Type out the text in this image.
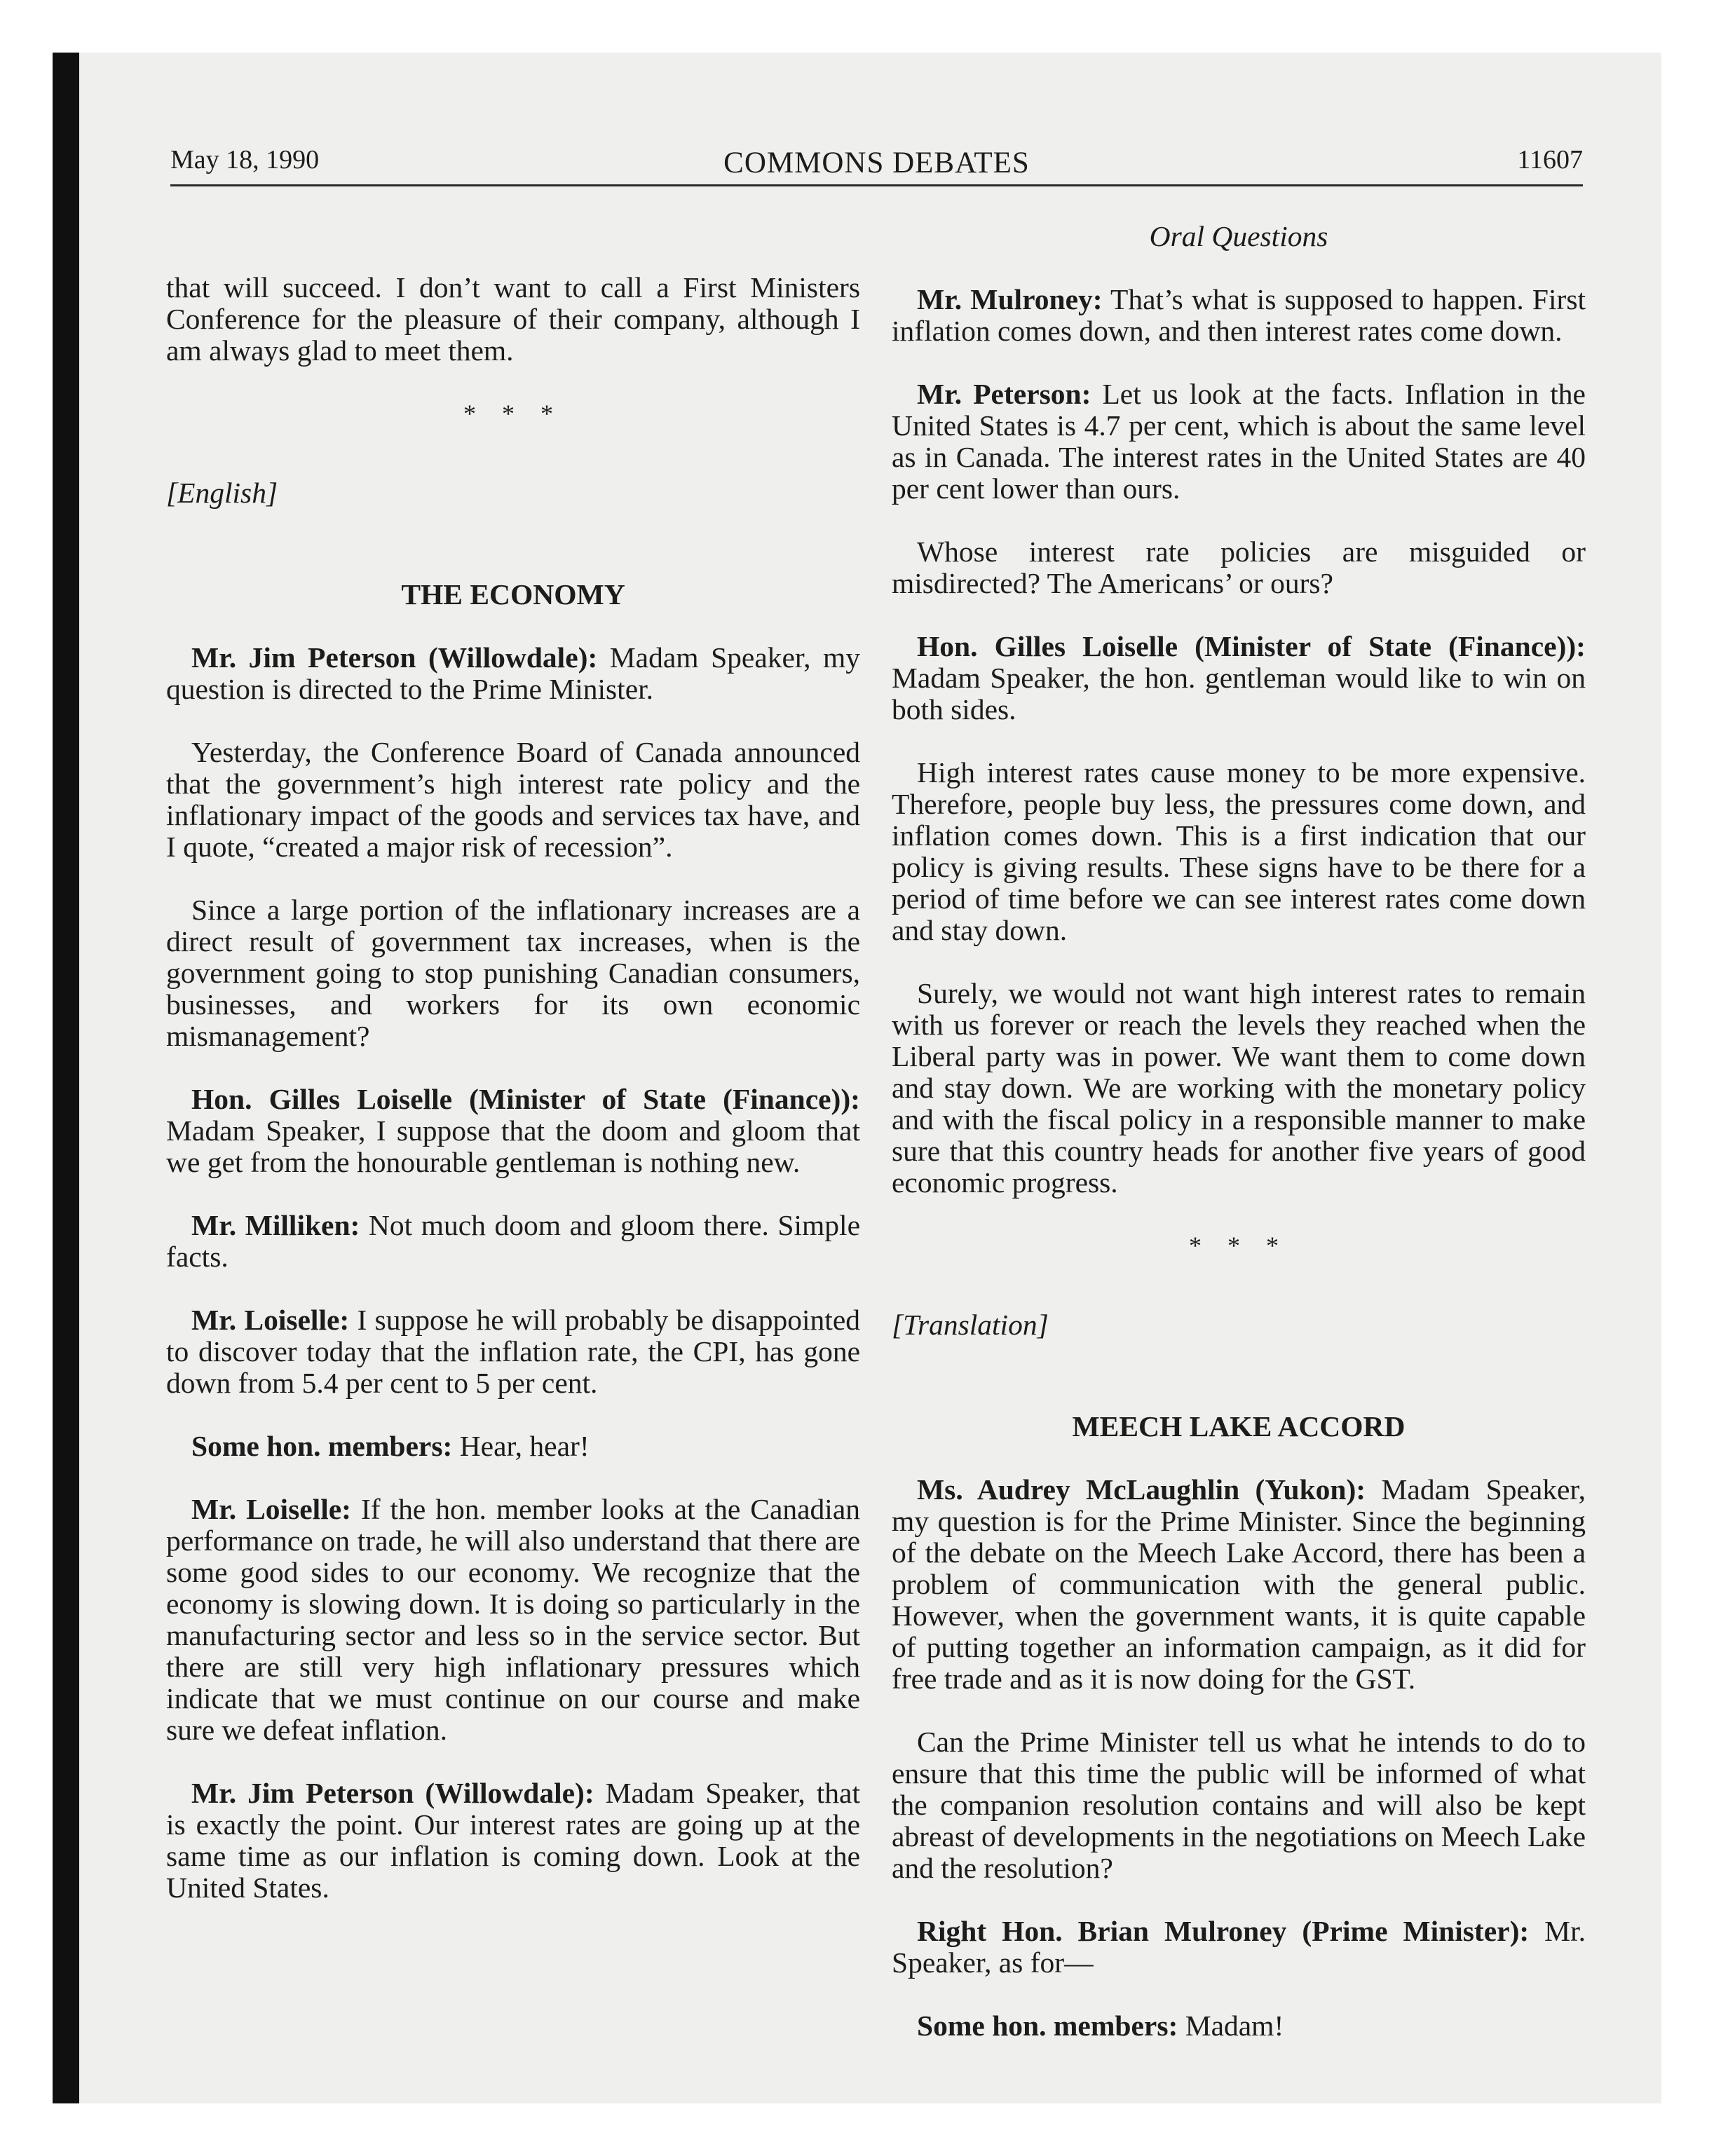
May 18, 1990	COMMONS DEBATES	11607

that will succeed. I don’t want to call a First Ministers Conference for the pleasure of their company, although I am always glad to meet them.

* * *
[English]
THE ECONOMY

Mr. Jim Peterson (Willowdale): Madam Speaker, my question is directed to the Prime Minister.

Yesterday, the Conference Board of Canada announced that the government’s high interest rate policy and the inflationary impact of the goods and services tax have, and I quote, “created a major risk of recession”.

Since a large portion of the inflationary increases are a direct result of government tax increases, when is the government going to stop punishing Canadian consumers, businesses, and workers for its own economic mismanagement?

Hon. Gilles Loiselle (Minister of State (Finance)): Madam Speaker, I suppose that the doom and gloom that we get from the honourable gentleman is nothing new.

Mr. Milliken: Not much doom and gloom there. Simple facts.

Mr. Loiselle: I suppose he will probably be disappointed to discover today that the inflation rate, the CPI, has gone down from 5.4 per cent to 5 per cent.

Some hon. members: Hear, hear!

Mr. Loiselle: If the hon. member looks at the Canadian performance on trade, he will also understand that there are some good sides to our economy. We recognize that the economy is slowing down. It is doing so particularly in the manufacturing sector and less so in the service sector. But there are still very high inflationary pressures which indicate that we must continue on our course and make sure we defeat inflation.

Mr. Jim Peterson (Willowdale): Madam Speaker, that is exactly the point. Our interest rates are going up at the same time as our inflation is coming down. Look at the United States.

Oral Questions

Mr. Mulroney: That’s what is supposed to happen. First inflation comes down, and then interest rates come down.

Mr. Peterson: Let us look at the facts. Inflation in the United States is 4.7 per cent, which is about the same level as in Canada. The interest rates in the United States are 40 per cent lower than ours.

Whose interest rate policies are misguided or misdirected? The Americans’ or ours?

Hon. Gilles Loiselle (Minister of State (Finance)): Madam Speaker, the hon. gentleman would like to win on both sides.

High interest rates cause money to be more expensive. Therefore, people buy less, the pressures come down, and inflation comes down. This is a first indication that our policy is giving results. These signs have to be there for a period of time before we can see interest rates come down and stay down.

Surely, we would not want high interest rates to remain with us forever or reach the levels they reached when the Liberal party was in power. We want them to come down and stay down. We are working with the monetary policy and with the fiscal policy in a responsible manner to make sure that this country heads for another five years of good economic progress.

* * *
[Translation]
MEECH LAKE ACCORD

Ms. Audrey McLaughlin (Yukon): Madam Speaker, my question is for the Prime Minister. Since the beginning of the debate on the Meech Lake Accord, there has been a problem of communication with the general public. However, when the government wants, it is quite capable of putting together an information campaign, as it did for free trade and as it is now doing for the GST.

Can the Prime Minister tell us what he intends to do to ensure that this time the public will be informed of what the companion resolution contains and will also be kept abreast of developments in the negotiations on Meech Lake and the resolution?

Right Hon. Brian Mulroney (Prime Minister): Mr. Speaker, as for—

Some hon. members: Madam!
